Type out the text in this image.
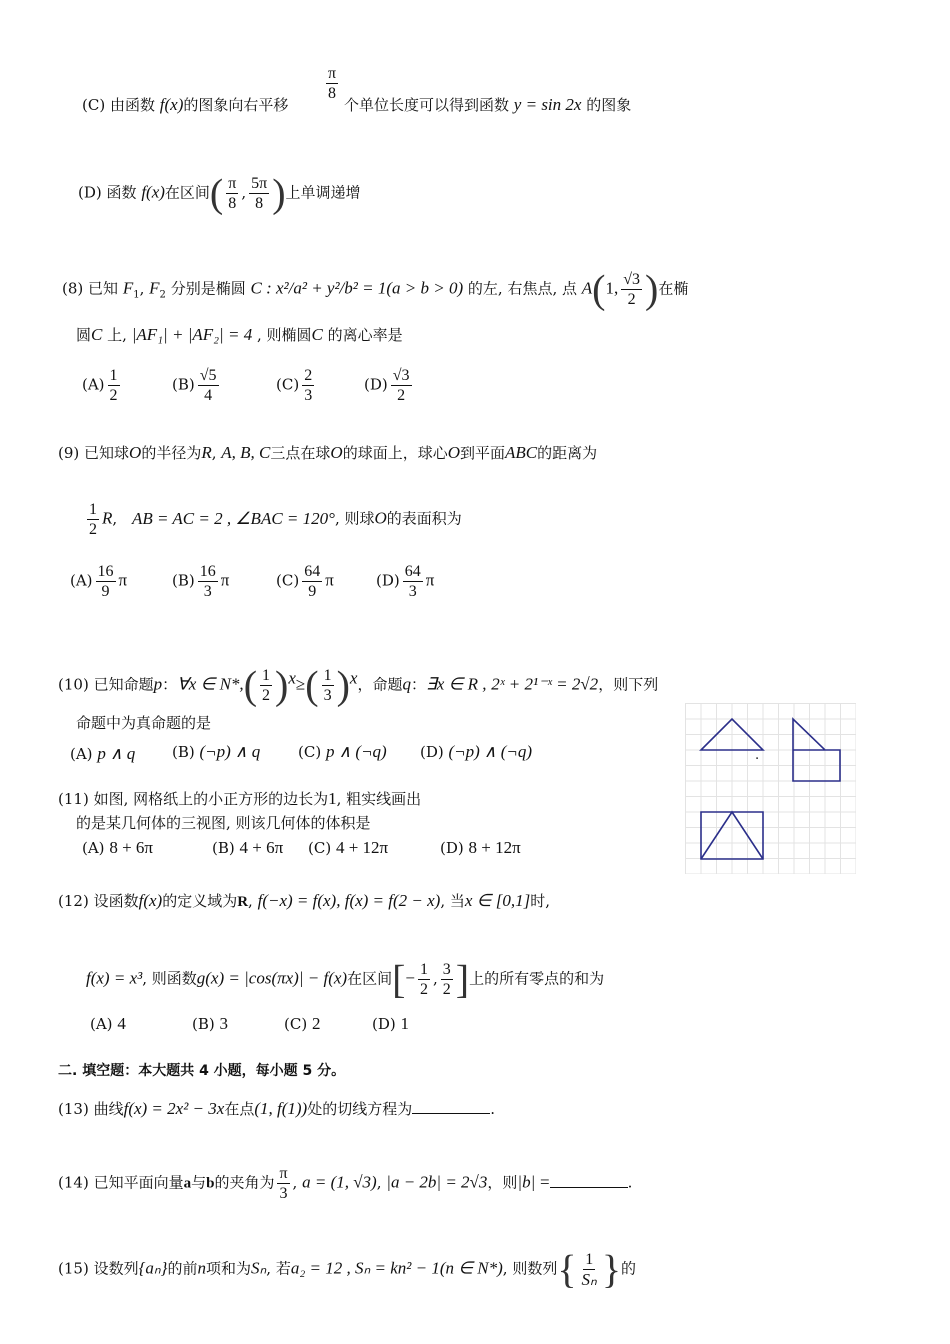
(C) 由函数 f(x)的图象向右平移
$\frac{\pi}{8}$
个单位长度可以得到函数 y = sin 2x 的图象
(D) 函数 f(x)在区间( $\frac{\pi}{8}$ , $\frac{5\pi}{8}$ )上单调递增
(8) 已知 $F_1$, $F_2$ 分别是椭圆 C : x²/a² + y²/b² = 1(a > b > 0) 的左, 右焦点, 点 A(1, $\frac{√3}{2}$ )在椭
圆C 上, |AF₁| + |AF₂| = 4 , 则椭圆C 的离心率是
$(A) \frac{1}{2}$	$(B) \frac{√5}{4}$	$(C) \frac{2}{3}$	$(D) \frac{√3}{2}$
(9) 已知球O的半径为R, A, B, C三点在球O的球面上，球心O到平面ABC的距离为
$\frac{1}{2} R$, AB = AC = 2 , ∠BAC = 120°, 则球O的表面积为
$(A) \frac{16}{9}$ π	$(B) \frac{16}{3}$ π	$(C) \frac{64}{9}$ π	$(D) \frac{64}{3}$ π
(10) 已知命题p：∀x ∈ $N*,( \frac{1}{2} )^x\ge( \frac{1}{3} )^x$，命题q：∃x ∈ R , 2ˣ + 2¹⁻ˣ = 2√2，则下列
命题中为真命题的是
(A) p ∧ q (B) (¬p) ∧ q	(C) p ∧ (¬q) (D) (¬p) ∧ (¬q)
(11) 如图, 网格纸上的小正方形的边长为1, 粗实线画出
的是某几何体的三视图, 则该几何体的体积是
(A) 8 + 6π	(B) 4 + 6π (C) 4 + 12π	(D) 8 + 12π
.
(12) 设函数f(x)的定义域为R, f(−x) = f(x), f(x) = f(2 − x), 当x ∈ [0,1]时,
f(x) = x³, 则函数g(x) = |cos(πx)| − f(x)在区间[− $\frac{1}{2}$ , $\frac{3}{2}$ ]上的所有零点的和为
(A) 4	(B) 3	(C) 2	(D) 1
二. 填空题：本大题共 4 小题，每小题 5 分。
(13) 曲线f(x) = 2x² − 3x在点(1, f(1))处的切线方程为	.
(14) 已知平面向量a与b的夹角为 $\frac{\pi}{3}$ , a = (1, √3), |a − 2b| = 2√3，则|b| =	.
(15) 设数列{aₙ}的前n项和为Sₙ, 若a₂ = 12 , Sₙ = kn² − 1(n ∈ N*), 则数列{ $\frac{1}{\text{Sₙ}}$ }的
